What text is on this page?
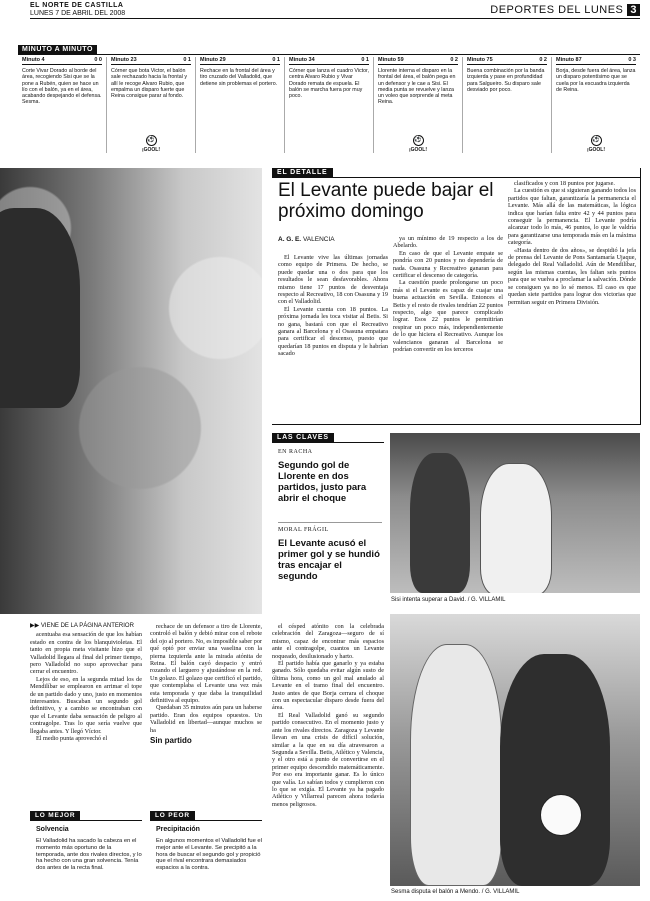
EL NORTE DE CASTILLA
LUNES 7 DE ABRIL DEL 2008	DEPORTES DEL LUNES 3
MINUTO A MINUTO
Minuto 4	0 0
Corte Vivar Dorado al borde del área, recogiendo Sisi que se la pone a Rubén, quien se hace un lío con el balón, ya en el área, acabando despejando el defensa. Sesma.
Minuto 23	0 1
Córner que bota Victor, el balón sale rechazado hacia la frontal y allí le recoge Alvaro Rubio, que empalma un disparo fuerte que Reina consigue parar al fondo.
⚽
¡GOOL!
Minuto 29	0 1
Rechace en la frontal del área y tiro cruzado del Valladolid, que detiene sin problemas el portero.
Minuto 34	0 1
Córner que lanza el cuadro Victor, centra Alvaro Rubio y Vivar Dorado remata de espuela. El balón se marcha fuera por muy poco.
Minuto 59	0 2
Llorente interna el disparo en la frontal del área, el balón pega en un defensor y le cae a Sisi. El media punta se revuelve y lanza un voleo que sorprende al meta Reina.
⚽
¡GOOL!
Minuto 75	0 2
Buena combinación por la banda izquierda y pase en profundidad para Salgueiro. Su disparo sale desviado por poco.
Minuto 87	0 3
Borja, desde fuera del área, lanza un disparo potentísimo que se cuela por la escuadra izquierda de Reina.
⚽
¡GOOL!
EL DETALLE
El Levante puede bajar el próximo domingo
A. G. E. VALENCIA

El Levante vive las últimas jornadas como equipo de Primera. De hecho, se puede quedar una o dos para que los resultados le sean desfavorables. Ahora mismo tiene 17 puntos de desventaja respecto al Recreativo, 18 con Osasuna y 19 con el Valladolid.

El Levante cuenta con 18 puntos. La próxima jornada les toca visitar al Betis. Si no gana, bastará con que el Recreativo ganara al Barcelona y el Osasuna empatara para certificar el descenso, puesto que quedarían 18 puntos en disputa y le habrían sacado

ya un mínimo de 19 respecto a los de Abelardo.

En caso de que el Levante empate se pondría con 20 puntos y no dependería de nada. Osasuna y Recreativo ganaran para certificar el descenso de categoría.

La cuestión puede prolongarse un poco más si el Levante es capaz de cuajar una buena actuación en Sevilla. Entonces el Betis y el resto de rivales tendrían 22 puntos respecto, algo que parece complicado lograr. Esos 22 puntos le permitirían respirar un poco más, independientemente de lo que hiciera el Recreativo. Aunque los valencianos ganaran al Barcelona se podrían convertir en los terceros

clasificados y con 18 puntos por jugarse.

La cuestión es que si siguieran ganando todos los partidos que faltan, garantizaría la permanencia el Levante. Más allá de las matemáticas, la lógica indica que harían falta entre 42 y 44 puntos para conseguir la permanencia. El Levante podría alcanzar todo lo más, 46 puntos, lo que le valdría para garantizarse una temporada más en la máxima categoría.

«Hasta dentro de dos años», se despidió la jefa de prensa del Levante de Pons Santamaría Ujaque, delegado del Real Valladolid. Aún de Mendilíbar, según las mismas cuentas, les faltan seis puntos para que se vuelva a proclamar la salvación. Dónde se consiguen ya no lo sé menos. El caso es que quedan siete partidos para lograr dos victorias que permitan seguir en Primera División.

LAS CLAVES
EN RACHA
Segundo gol de Llorente en dos partidos, justo para abrir el choque
MORAL FRÁGIL
El Levante acusó el primer gol y se hundió tras encajar el segundo
Sisi intenta superar a David. / G. VILLAMIL
Sesma disputa el balón a Mendo. / G. VILLAMIL
▶▶ VIENE DE LA PÁGINA ANTERIOR

acentuaba esa sensación de que los habían estado en contra de los blanquivioletas. El tanto en propia meta visitante hizo que el Valladolid llegara al final del primer tiempo, pero Valladolid no supo aprovechar para cerrar el encuentro.

Lejos de eso, en la segunda mitad los de Mendilíbar se emplearon en arrimar el tope de un partido dado y uno, justo en momentos interesantes. Buscaban un segundo gol definitivo, y a cambio se encontraban con que el Levante daba sensación de peligro al contragolpe. Tras lo que sería vuelve que llegaba antes. Y llegó Víctor.

El medio punta aprovechó el

rechace de un defensor a tiro de Llorente, controló el balón y debió mirar con el rebote del ojo al portero. No, es imposible saber por qué optó por enviar una vaselina con la pierna izquierda ante la mirada atónita de Reina. El balón cayó despacio y entró rozando el larguero y ajustándose en la red. Un golazo. El golazo que certificó el partido, que contemplaba el Levante una vez más esta temporada y que daba la tranquilidad definitiva al equipo.

Quedaban 35 minutos aún para un haberse partido. Eran dos equipos opuestos. Un Valladolid en libertad—aunque muchos se ha

Sin partido

el césped atónito con la celebrada celebración del Zaragoza—seguro de sí mismo, capaz de encontrar más espacios ante el contragolpe, cuantos un Levante noqueado, desilusionado y harto.

El partido había que ganarlo y ya estaba ganado. Sólo quedaba evitar algún susto de última hora, como un gol mal anulado al Levante en el tramo final del encuentro. Justo antes de que Borja cerrara el choque con un espectacular disparo desde fuera del área.

El Real Valladolid ganó su segundo partido consecutivo. En el momento justo y ante los rivales directos. Zaragoza y Levante llevan en una crisis de difícil solución, similar a la que en su día atravesaron a Segunda a Sevilla. Betis, Atlético y Valencia, y el otro está a punto de convertirse en el primer equipo descendido matemáticamente. Por eso era importante ganar. Es lo único que valía. Lo sabían todos y cumplieron con lo que se exigía. El Levante ya ha pagado Atlético y Villarreal parecen ahora todavía menos peligrosos.

LO MEJOR
Solvencia
El Valladolid ha sacado la cabeza en el momento más oportuno de la temporada, ante dos rivales directos, y lo ha hecho con una gran solvencia. Tenía dos antes de la recta final.
LO PEOR
Precipitación
En algunos momentos el Valladolid fue el mejor ante el Levante. Se precipitó a la hora de buscar el segundo gol y propició que el rival encontrara demasiados espacios a la contra.
